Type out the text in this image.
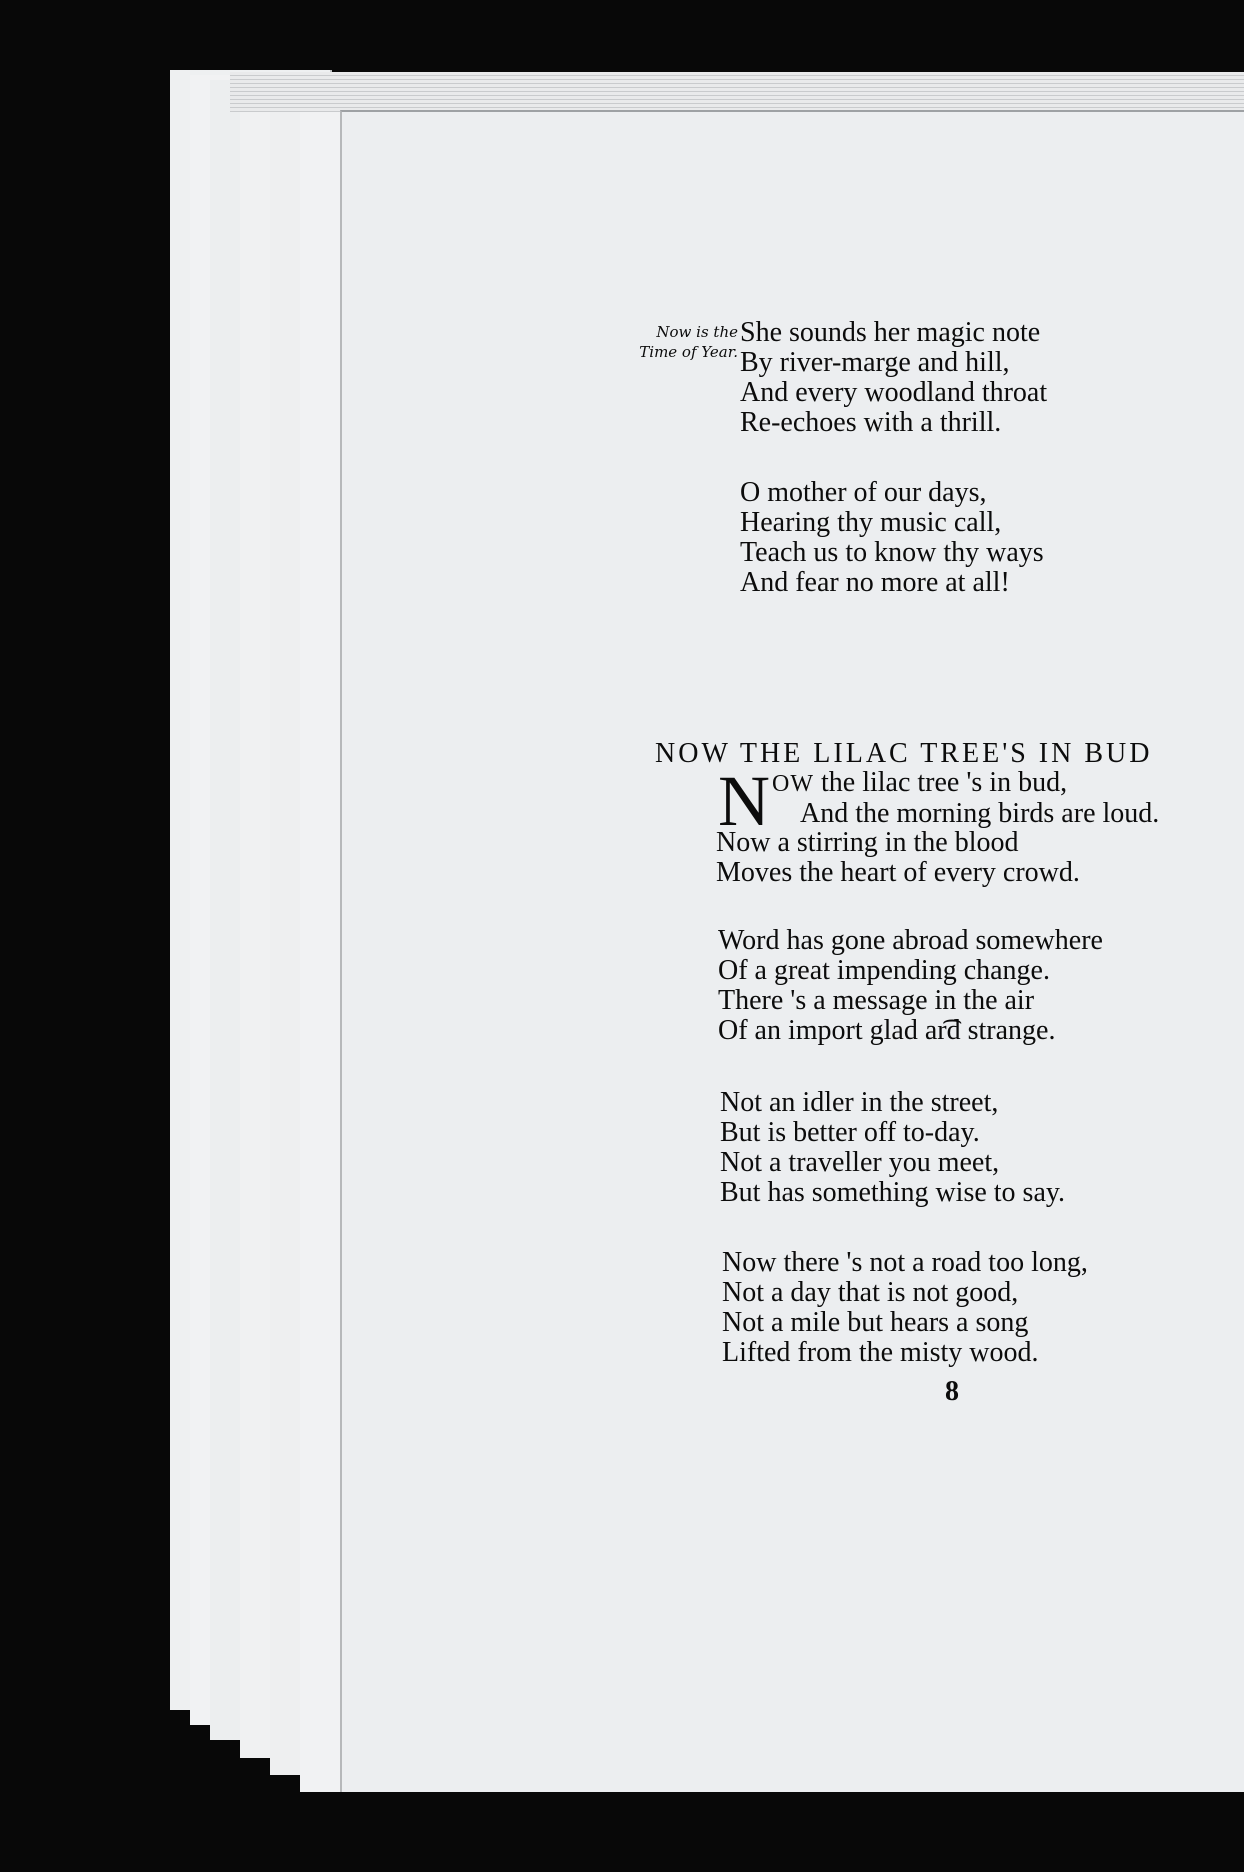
Now is the
Time of Year.
She sounds her magic note
By river-marge and hill,
And every woodland throat
Re-echoes with a thrill.
O mother of our days,
Hearing thy music call,
Teach us to know thy ways
And fear no more at all!
NOW THE LILAC TREE'S IN BUD
N OW the lilac tree 's in bud,
And the morning birds are loud.
Now a stirring in the blood
Moves the heart of every crowd.
Word has gone abroad somewhere
Of a great impending change.
There 's a message in the air
Of an import glad ar͡d strange.
Not an idler in the street,
But is better off to-day.
Not a traveller you meet,
But has something wise to say.
Now there 's not a road too long,
Not a day that is not good,
Not a mile but hears a song
Lifted from the misty wood.
8
